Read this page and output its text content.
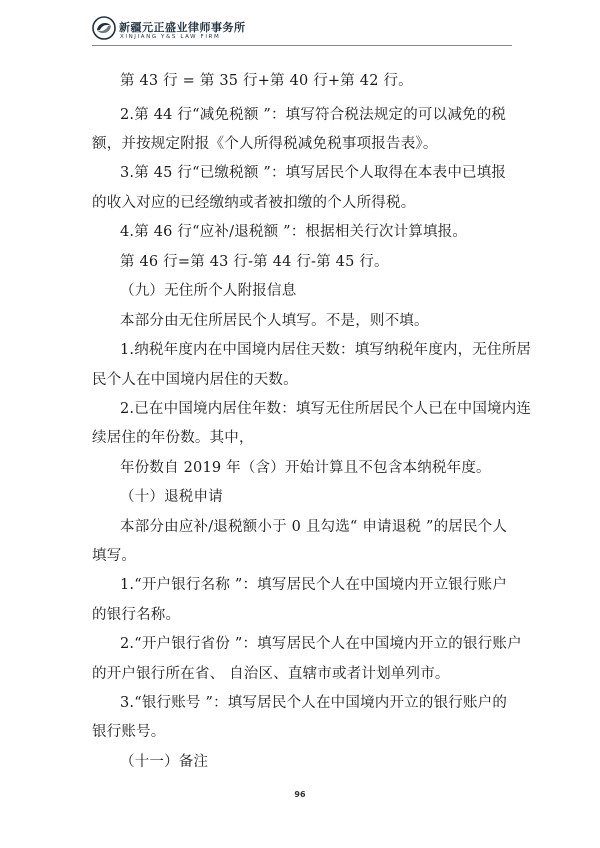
新疆元正盛业律师事务所
XINJIANG Y&S LAW FIRM
第 43 行 = 第 35 行+第 40 行+第 42 行。
2.第 44 行“减免税额 ”：填写符合税法规定的可以减免的税
额，并按规定附报《个人所得税减免税事项报告表》。
3.第 45 行“已缴税额 ”：填写居民个人取得在本表中已填报
的收入对应的已经缴纳或者被扣缴的个人所得税。
4.第 46 行“应补/退税额 ”：根据相关行次计算填报。
第 46 行=第 43 行-第 44 行-第 45 行。
（九）无住所个人附报信息
本部分由无住所居民个人填写。不是，则不填。
1.纳税年度内在中国境内居住天数：填写纳税年度内，无住所居
民个人在中国境内居住的天数。
2.已在中国境内居住年数：填写无住所居民个人已在中国境内连
续居住的年份数。其中，
年份数自 2019 年（含）开始计算且不包含本纳税年度。
（十）退税申请
本部分由应补/退税额小于 0 且勾选“ 申请退税 ”的居民个人
填写。
1.“开户银行名称 ”：填写居民个人在中国境内开立银行账户
的银行名称。
2.“开户银行省份 ”：填写居民个人在中国境内开立的银行账户
的开户银行所在省、 自治区、直辖市或者计划单列市。
3.“银行账号 ”：填写居民个人在中国境内开立的银行账户的
银行账号。
（十一）备注
96
